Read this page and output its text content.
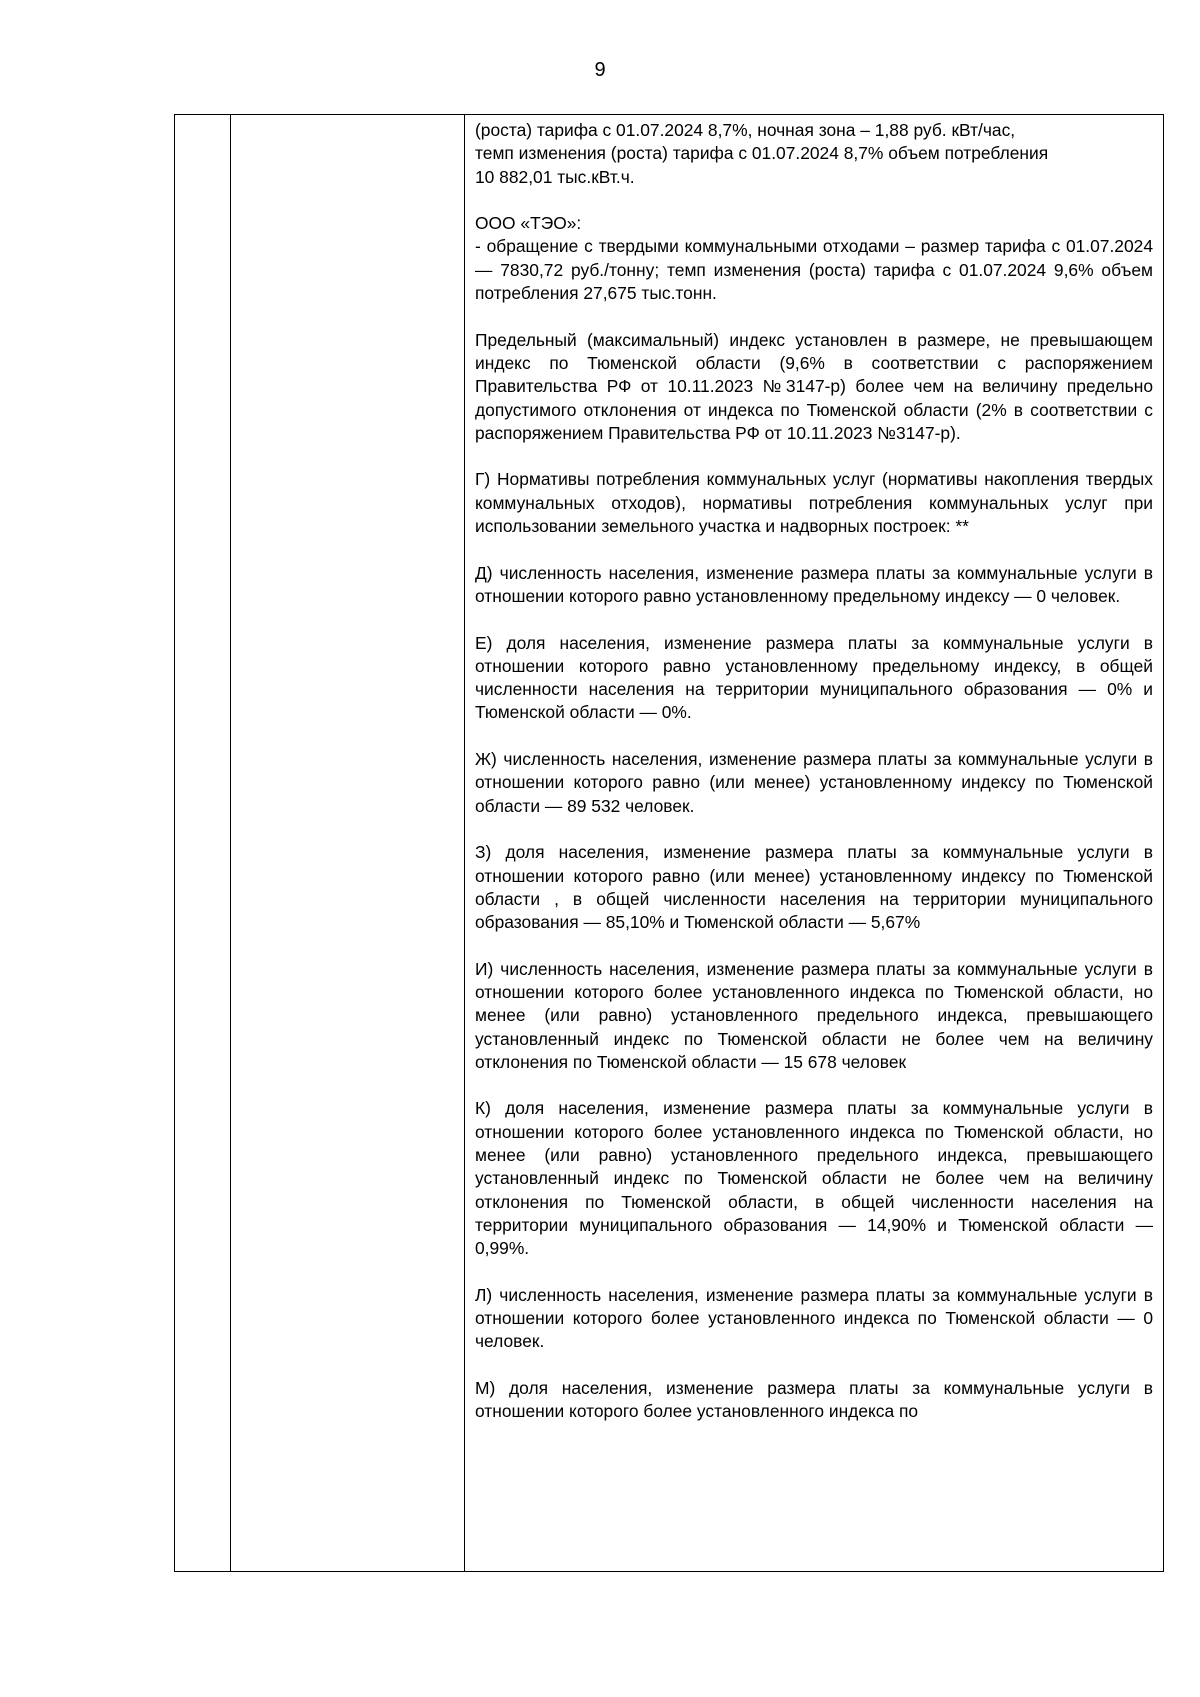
9

(роста) тарифа с 01.07.2024 8,7%, ночная зона – 1,88 руб. кВт/час,
темп изменения (роста) тарифа с 01.07.2024 8,7% объем потребления
10 882,01 тыс.кВт.ч.

ООО «ТЭО»:
- обращение с твердыми коммунальными отходами – размер тарифа с 01.07.2024 — 7830,72 руб./тонну; темп изменения (роста) тарифа с 01.07.2024 9,6% объем потребления 27,675 тыс.тонн.

Предельный (максимальный) индекс установлен в размере, не превышающем индекс по Тюменской области (9,6% в соответствии с распоряжением Правительства РФ от 10.11.2023 №3147-р) более чем на величину предельно допустимого отклонения от индекса по Тюменской области (2% в соответствии с распоряжением Правительства РФ от 10.11.2023 №3147-р).

Г) Нормативы потребления коммунальных услуг (нормативы накопления твердых коммунальных отходов), нормативы потребления коммунальных услуг при использовании земельного участка и надворных построек: **

Д) численность населения, изменение размера платы за коммунальные услуги в отношении которого равно установленному предельному индексу — 0 человек.

Е) доля населения, изменение размера платы за коммунальные услуги в отношении которого равно установленному предельному индексу, в общей численности населения на территории муниципального образования — 0% и Тюменской области — 0%.

Ж) численность населения, изменение размера платы за коммунальные услуги в отношении которого равно (или менее) установленному индексу по Тюменской области — 89 532 человек.

З) доля населения, изменение размера платы за коммунальные услуги в отношении которого равно (или менее) установленному индексу по Тюменской области , в общей численности населения на территории муниципального образования — 85,10% и Тюменской области — 5,67%

И) численность населения, изменение размера платы за коммунальные услуги в отношении которого более установленного индекса по Тюменской области, но менее (или равно) установленного предельного индекса, превышающего установленный индекс по Тюменской области не более чем на величину отклонения по Тюменской области — 15 678 человек

К) доля населения, изменение размера платы за коммунальные услуги в отношении которого более установленного индекса по Тюменской области, но менее (или равно) установленного предельного индекса, превышающего установленный индекс по Тюменской области не более чем на величину отклонения по Тюменской области, в общей численности населения на территории муниципального образования — 14,90% и Тюменской области — 0,99%.

Л) численность населения, изменение размера платы за коммунальные услуги в отношении которого более установленного индекса по Тюменской области — 0 человек.

М) доля населения, изменение размера платы за коммунальные услуги в отношении которого более установленного индекса по
